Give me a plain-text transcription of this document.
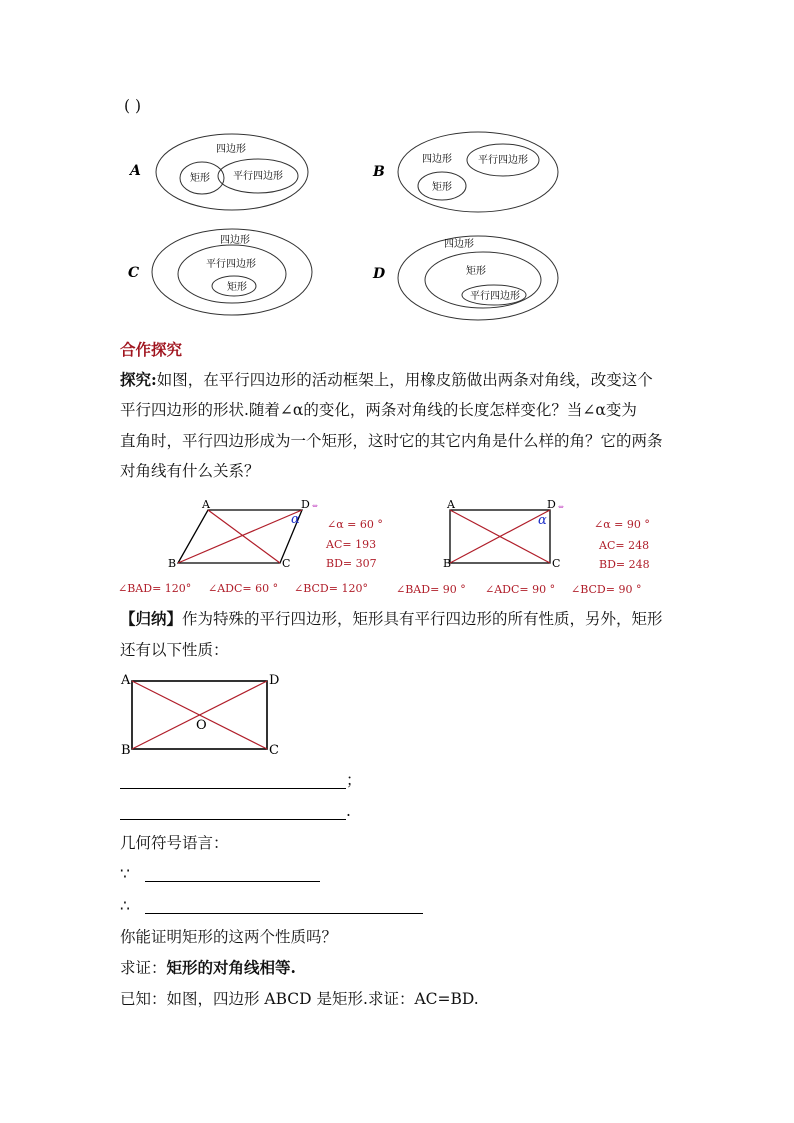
( )
A
四边形
矩形 平行四边形	B
四边形	平行四边形
矩形
C
四边形
平行四边形
矩形
D
四边形
矩形
平行四边形
合作探究
探究:如图，在平行四边形的活动框架上，用橡皮筋做出两条对角线，改变这个
平行四边形的形状.随着∠α的变化，两条对角线的长度怎样变化？当∠α变为
直角时，平行四边形成为一个矩形，这时它的其它内角是什么样的角？它的两条
对角线有什么关系？
A	D
B	C
α
⇔
∠α = 60 °
AC= 193
BD= 307
∠BAD= 120° ∠ADC= 60 ° ∠BCD= 120°
A	D
B	C
α
⇔
∠α = 90 °
AC= 248
BD= 248
∠BAD= 90 ° ∠ADC= 90 ° ∠BCD= 90 °
【归纳】作为特殊的平行四边形，矩形具有平行四边形的所有性质，另外，矩形
还有以下性质：
A	D
B	C
O
；
.
几何符号语言：
∵
∴
你能证明矩形的这两个性质吗？
求证：矩形的对角线相等.
已知：如图，四边形 ABCD 是矩形.求证：AC=BD.
